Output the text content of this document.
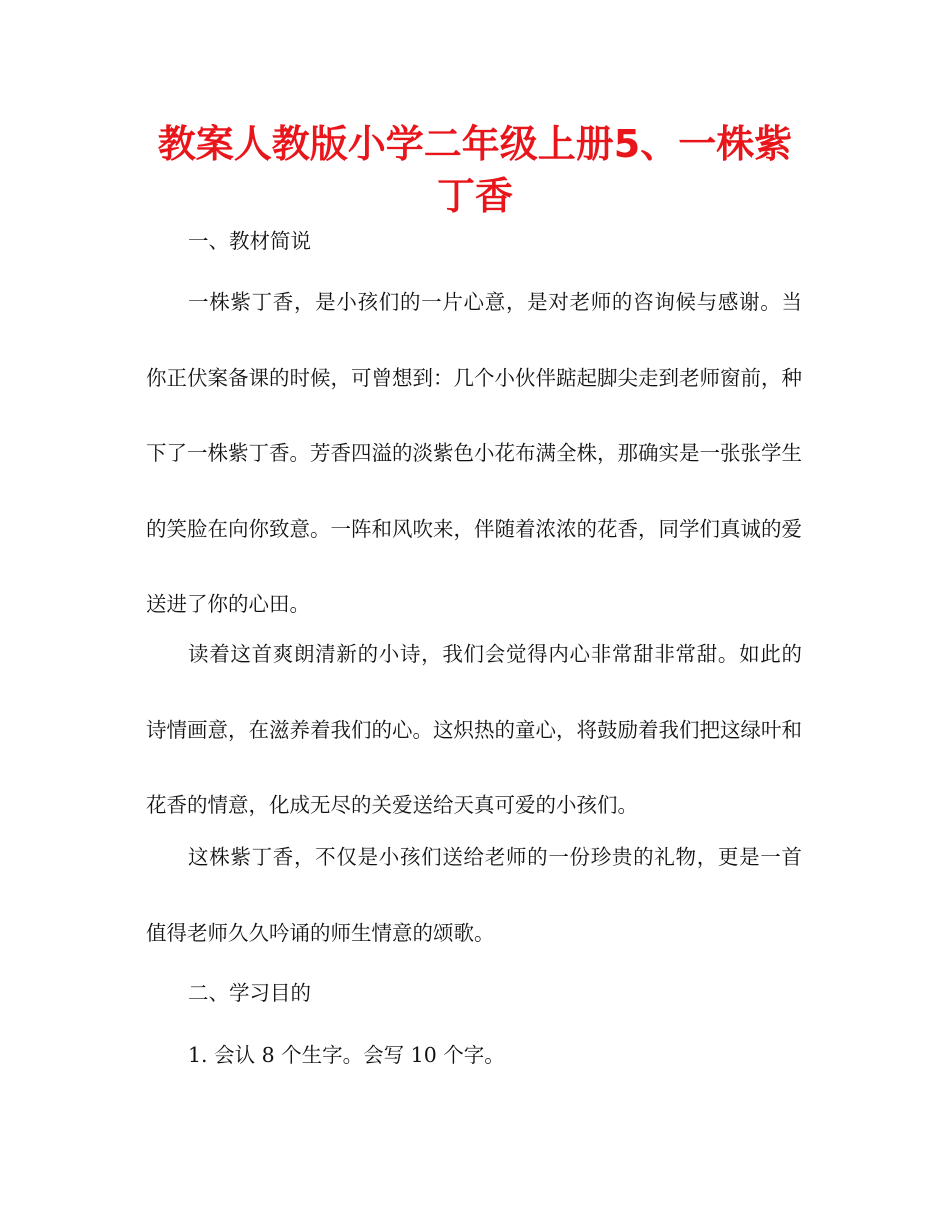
教案人教版小学二年级上册5、一株紫丁香

一、教材简说

一株紫丁香，是小孩们的一片心意，是对老师的咨询候与感谢。当你正伏案备课的时候，可曾想到：几个小伙伴踮起脚尖走到老师窗前，种下了一株紫丁香。芳香四溢的淡紫色小花布满全株，那确实是一张张学生的笑脸在向你致意。一阵和风吹来，伴随着浓浓的花香，同学们真诚的爱送进了你的心田。

读着这首爽朗清新的小诗，我们会觉得内心非常甜非常甜。如此的诗情画意，在滋养着我们的心。这炽热的童心，将鼓励着我们把这绿叶和花香的情意，化成无尽的关爱送给天真可爱的小孩们。

这株紫丁香，不仅是小孩们送给老师的一份珍贵的礼物，更是一首值得老师久久吟诵的师生情意的颂歌。

二、学习目的

1. 会认 8 个生字。会写 10 个字。
